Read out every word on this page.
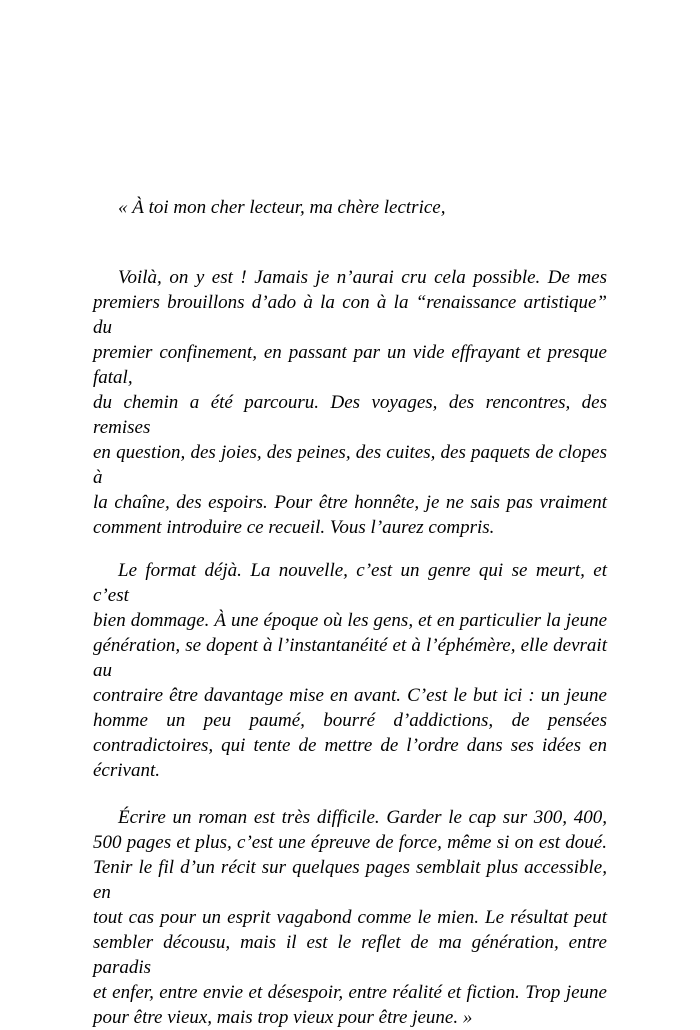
« À toi mon cher lecteur, ma chère lectrice,
Voilà, on y est ! Jamais je n’aurai cru cela possible. De mes
premiers brouillons d’ado à la con à la “renaissance artistique” du
premier confinement, en passant par un vide effrayant et presque fatal,
du chemin a été parcouru. Des voyages, des rencontres, des remises
en question, des joies, des peines, des cuites, des paquets de clopes à
la chaîne, des espoirs. Pour être honnête, je ne sais pas vraiment
comment introduire ce recueil. Vous l’aurez compris.
Le format déjà. La nouvelle, c’est un genre qui se meurt, et c’est
bien dommage. À une époque où les gens, et en particulier la jeune
génération, se dopent à l’instantanéité et à l’éphémère, elle devrait au
contraire être davantage mise en avant. C’est le but ici : un jeune
homme un peu paumé, bourré d’addictions, de pensées
contradictoires, qui tente de mettre de l’ordre dans ses idées en
écrivant.
Écrire un roman est très difficile. Garder le cap sur 300, 400,
500 pages et plus, c’est une épreuve de force, même si on est doué.
Tenir le fil d’un récit sur quelques pages semblait plus accessible, en
tout cas pour un esprit vagabond comme le mien. Le résultat peut
sembler décousu, mais il est le reflet de ma génération, entre paradis
et enfer, entre envie et désespoir, entre réalité et fiction. Trop jeune
pour être vieux, mais trop vieux pour être jeune. »
